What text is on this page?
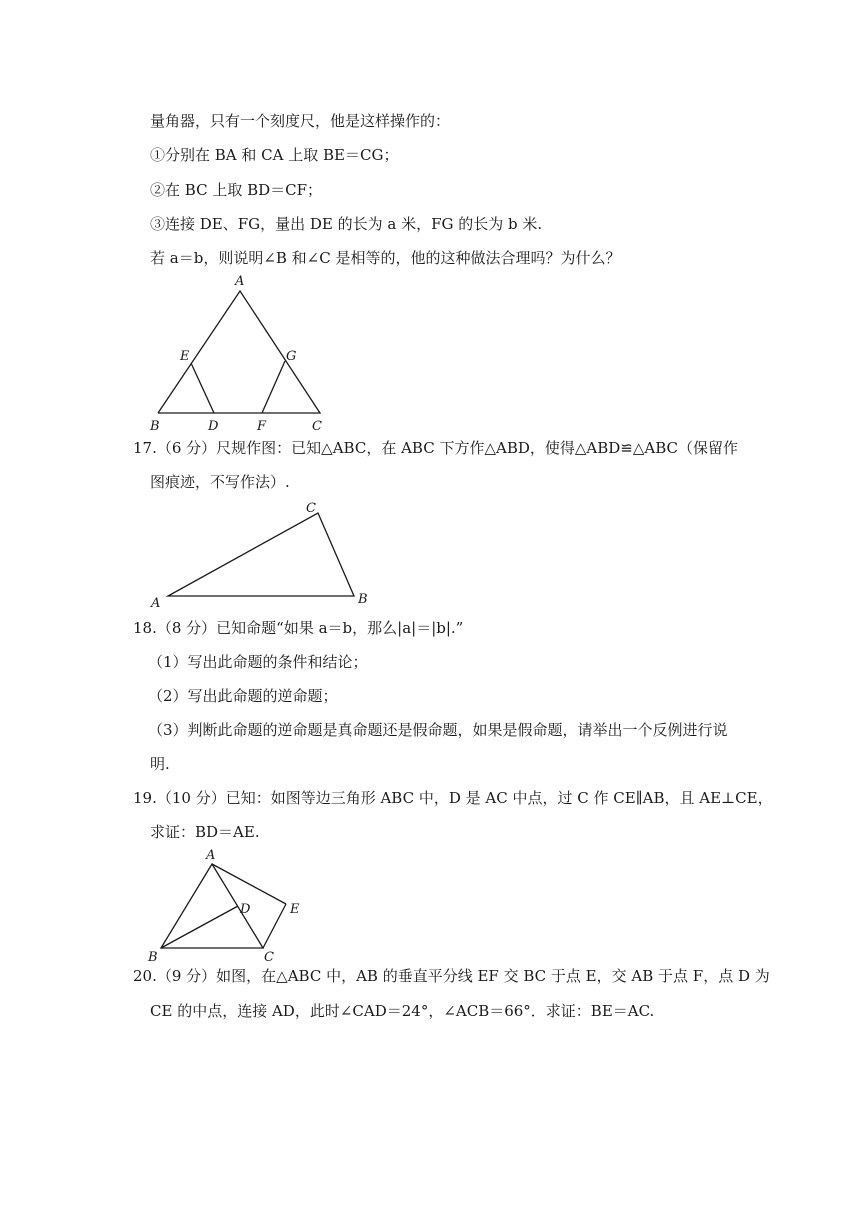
量角器，只有一个刻度尺，他是这样操作的：
①分别在 BA 和 CA 上取 BE＝CG；
②在 BC 上取 BD＝CF；
③连接 DE、FG，量出 DE 的长为 a 米，FG 的长为 b 米.
若 a＝b，则说明∠B 和∠C 是相等的，他的这种做法合理吗？为什么？
A
B	C
D
E
F
G
17.（6 分）尺规作图：已知△ABC，在 ABC 下方作△ABD，使得△ABD≌△ABC（保留作
图痕迹，不写作法）.
A	B
C
18.（8 分）已知命题“如果 a＝b，那么|a|＝|b|.”
（1）写出此命题的条件和结论；
（2）写出此命题的逆命题；
（3）判断此命题的逆命题是真命题还是假命题，如果是假命题，请举出一个反例进行说
明.
19.（10 分）已知：如图等边三角形 ABC 中，D 是 AC 中点，过 C 作 CE∥AB，且 AE⊥CE，
求证：BD＝AE.
A
B	C
D	E
20.（9 分）如图，在△ABC 中，AB 的垂直平分线 EF 交 BC 于点 E，交 AB 于点 F，点 D 为
CE 的中点，连接 AD，此时∠CAD＝24°，∠ACB＝66°．求证：BE＝AC.
